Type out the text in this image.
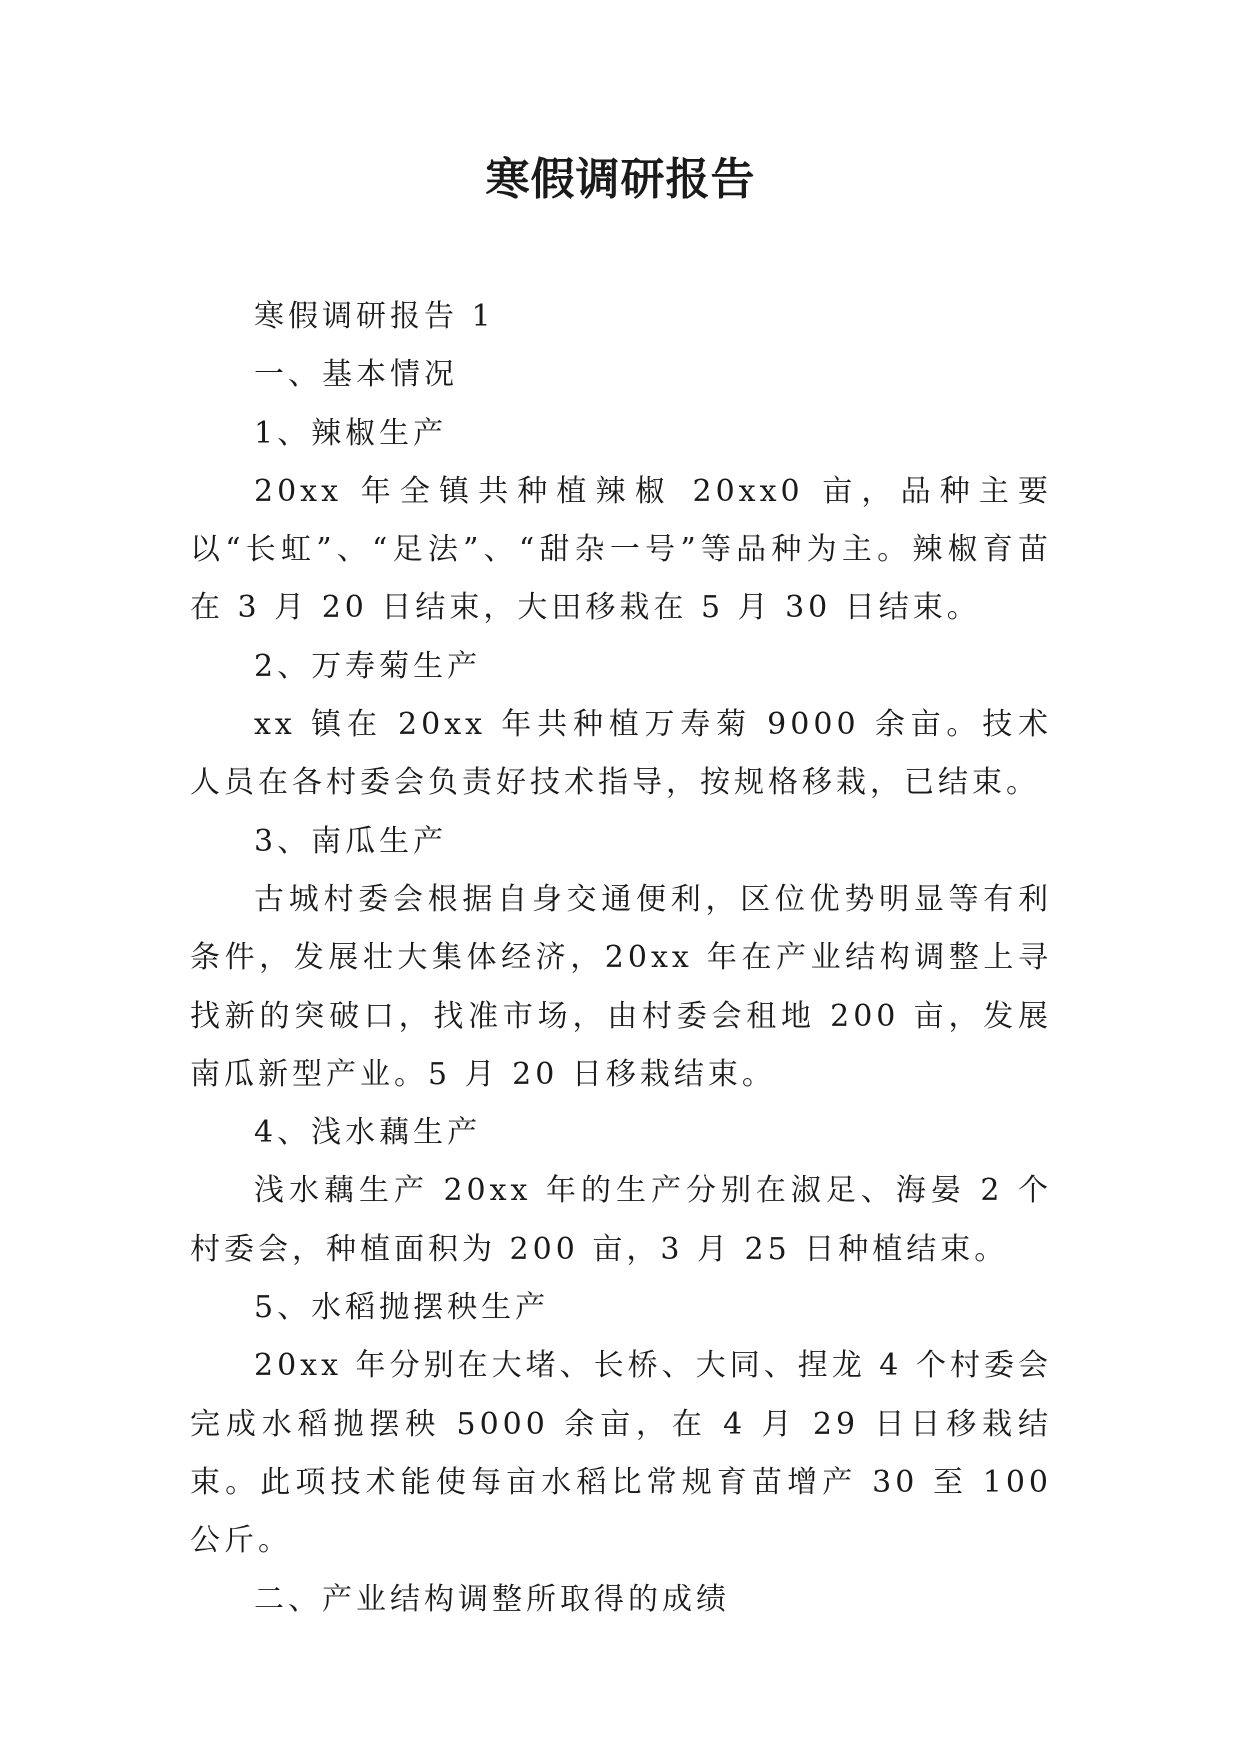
寒假调研报告

寒假调研报告 1

一、基本情况

1、辣椒生产

20xx 年全镇共种植辣椒 20xx0 亩，品种主要以“长虹”、“足法”、“甜杂一号”等品种为主。辣椒育苗在 3 月 20 日结束，大田移栽在 5 月 30 日结束。

2、万寿菊生产

xx 镇在 20xx 年共种植万寿菊 9000 余亩。技术人员在各村委会负责好技术指导，按规格移栽，已结束。

3、南瓜生产

古城村委会根据自身交通便利，区位优势明显等有利条件，发展壮大集体经济，20xx 年在产业结构调整上寻找新的突破口，找准市场，由村委会租地 200 亩，发展南瓜新型产业。5 月 20 日移栽结束。

4、浅水藕生产

浅水藕生产 20xx 年的生产分别在淑足、海晏 2 个村委会，种植面积为 200 亩，3 月 25 日种植结束。

5、水稻抛摆秧生产

20xx 年分别在大堵、长桥、大同、捏龙 4 个村委会完成水稻抛摆秧 5000 余亩，在 4 月 29 日日移栽结束。此项技术能使每亩水稻比常规育苗增产 30 至 100 公斤。

二、产业结构调整所取得的成绩
